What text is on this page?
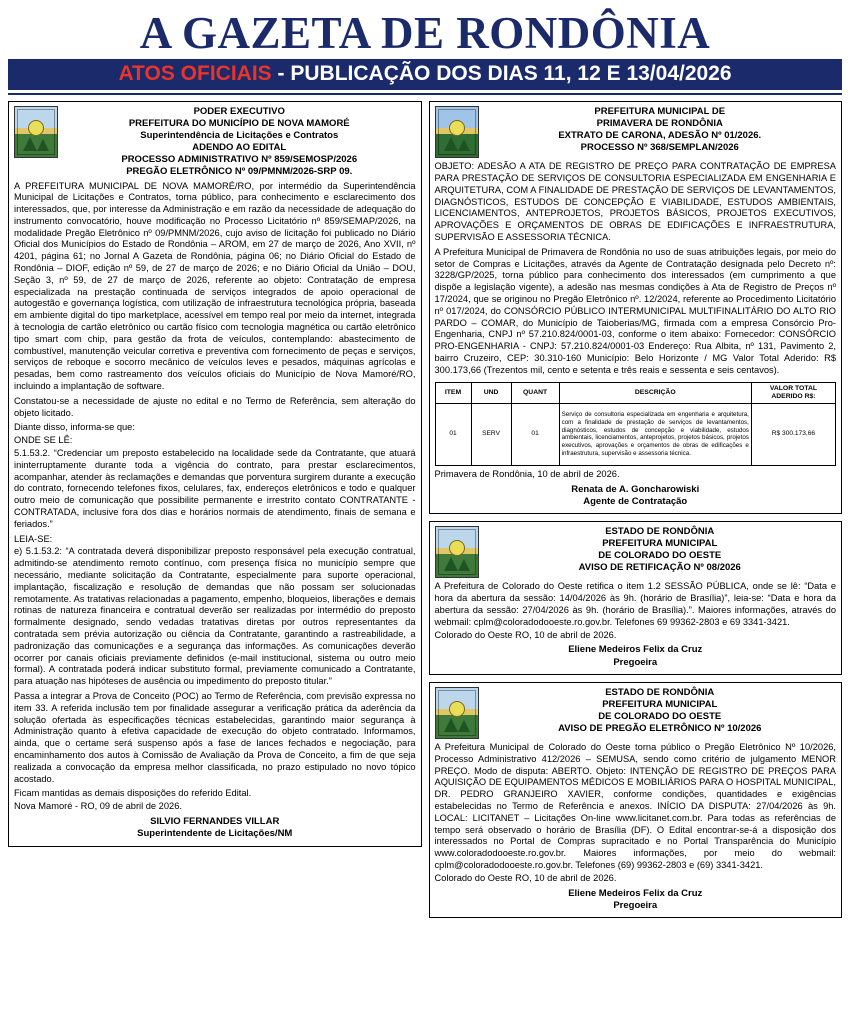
A GAZETA DE RONDÔNIA
ATOS OFICIAIS - PUBLICAÇÃO DOS DIAS 11, 12 E 13/04/2026
PODER EXECUTIVO
PREFEITURA DO MUNICÍPIO DE NOVA MAMORÉ
Superintendência de Licitações e Contratos
ADENDO AO EDITAL
PROCESSO ADMINISTRATIVO Nº 859/SEMOSP/2026
PREGÃO ELETRÔNICO Nº 09/PMNM/2026-SRP 09.

A PREFEITURA MUNICIPAL DE NOVA MAMORÉ/RO, por intermédio da Superintendência Municipal de Licitações e Contratos, torna público, para conhecimento e esclarecimento dos interessados, que, por interesse da Administração e em razão da necessidade de adequação do instrumento convocatório, houve modificação no Processo Licitatório nº 859/SEMAP/2026, na modalidade Pregão Eletrônico nº 09/PMNM/2026, cujo aviso de licitação foi publicado no Diário Oficial dos Municípios do Estado de Rondônia – AROM, em 27 de março de 2026, Ano XVII, nº 4201, página 61; no Jornal A Gazeta de Rondônia, página 06; no Diário Oficial do Estado de Rondônia – DIOF, edição nº 59, de 27 de março de 2026; e no Diário Oficial da União – DOU, Seção 3, nº 59, de 27 de março de 2026, referente ao objeto: Contratação de empresa especializada na prestação continuada de serviços integrados de apoio operacional de autogestão e governança logística, com utilização de infraestrutura tecnológica própria, baseada em ambiente digital do tipo marketplace, acessível em tempo real por meio da internet, integrada à tecnologia de cartão eletrônico ou cartão físico com tecnologia magnética ou cartão eletrônico tipo smart com chip, para gestão da frota de veículos, contemplando: abastecimento de combustível, manutenção veicular corretiva e preventiva com fornecimento de peças e serviços, serviços de reboque e socorro mecânico de veículos leves e pesados, máquinas agrícolas e pesadas, bem como rastreamento dos veículos oficiais do Município de Nova Mamoré/RO, incluindo a implantação de software.

Constatou-se a necessidade de ajuste no edital e no Termo de Referência, sem alteração do objeto licitado.

Diante disso, informa-se que:

ONDE SE LÊ:

5.1.53.2. “Credenciar um preposto estabelecido na localidade sede da Contratante, que atuará ininterruptamente durante toda a vigência do contrato, para prestar esclarecimentos, acompanhar, atender às reclamações e demandas que porventura surgirem durante a execução do contrato, fornecendo telefones fixos, celulares, fax, endereços eletrônicos e todo e qualquer outro meio de comunicação que possibilite permanente e irrestrito contato CONTRATANTE - CONTRATADA, inclusive fora dos dias e horários normais de atendimento, finais de semana e feriados.”

LEIA-SE:

e) 5.1.53.2: “A contratada deverá disponibilizar preposto responsável pela execução contratual, admitindo-se atendimento remoto contínuo, com presença física no município sempre que necessário, mediante solicitação da Contratante, especialmente para suporte operacional, implantação, fiscalização e resolução de demandas que não possam ser solucionadas remotamente. As tratativas relacionadas a pagamento, empenho, bloqueios, liberações e demais rotinas de natureza financeira e contratual deverão ser realizadas por intermédio do preposto formalmente designado, sendo vedadas tratativas diretas por outros representantes da contratada sem prévia autorização ou ciência da Contratante, garantindo a rastreabilidade, a padronização das comunicações e a segurança das informações. As comunicações deverão ocorrer por canais oficiais previamente definidos (e-mail institucional, sistema ou outro meio formal). A contratada poderá indicar substituto formal, previamente comunicado a Contratante, para atuação nas hipóteses de ausência ou impedimento do preposto titular.”

Passa a integrar a Prova de Conceito (POC) ao Termo de Referência, com previsão expressa no item 33. A referida inclusão tem por finalidade assegurar a verificação prática da aderência da solução ofertada às especificações técnicas estabelecidas, garantindo maior segurança à Administração quanto à efetiva capacidade de execução do objeto contratado. Informamos, ainda, que o certame será suspenso após a fase de lances fechados e negociação, para encaminhamento dos autos à Comissão de Avaliação da Prova de Conceito, a fim de que seja realizada a convocação da empresa melhor classificada, no prazo estipulado no novo tópico acostado.

Ficam mantidas as demais disposições do referido Edital.

Nova Mamoré - RO, 09 de abril de 2026.

SILVIO FERNANDES VILLAR
Superintendente de Licitações/NM
PREFEITURA MUNICIPAL DE
PRIMAVERA DE RONDÔNIA
EXTRATO DE CARONA, ADESÃO Nº 01/2026.
PROCESSO Nº 368/SEMPLAN/2026

OBJETO: ADESÃO A ATA DE REGISTRO DE PREÇO PARA CONTRATAÇÃO DE EMPRESA PARA PRESTAÇÃO DE SERVIÇOS DE CONSULTORIA ESPECIALIZADA EM ENGENHARIA E ARQUITETURA, COM A FINALIDADE DE PRESTAÇÃO DE SERVIÇOS DE LEVANTAMENTOS, DIAGNÓSTICOS, ESTUDOS DE CONCEPÇÃO E VIABILIDADE, ESTUDOS AMBIENTAIS, LICENCIAMENTOS, ANTEPROJETOS, PROJETOS BÁSICOS, PROJETOS EXECUTIVOS, APROVAÇÕES E ORÇAMENTOS DE OBRAS DE EDIFICAÇÕES E INFRAESTRUTURA, SUPERVISÃO E ASSESSORIA TÉCNICA.

A Prefeitura Municipal de Primavera de Rondônia no uso de suas atribuições legais, por meio do setor de Compras e Licitações, através da Agente de Contratação designada pelo Decreto nº: 3228/GP/2025, torna público para conhecimento dos interessados (em cumprimento a que dispõe a legislação vigente), a adesão nas mesmas condições à Ata de Registro de Preços nº 17/2024, que se originou no Pregão Eletrônico nº. 12/2024, referente ao Procedimento Licitatório nº 017/2024, do CONSÓRCIO PÚBLICO INTERMUNICIPAL MULTIFINALITÁRIO DO ALTO RIO PARDO – COMAR, do Município de Taioberias/MG, firmada com a empresa Consórcio Pro-Engenharia, CNPJ nº 57.210.824/0001-03, conforme o item abaixo: Fornecedor: CONSÓRCIO PRO-ENGENHARIA - CNPJ: 57.210.824/0001-03 Endereço: Rua Albita, nº 131, Pavimento 2, bairro Cruzeiro, CEP: 30.310-160 Município: Belo Horizonte / MG Valor Total Aderido: R$ 300.173,66 (Trezentos mil, cento e setenta e três reais e sessenta e seis centavos).

ITEM	UND	QUANT	DESCRIÇÃO	VALOR TOTAL ADERIDO R$:
01	SERV	01	Serviço de consultoria especializada em engenharia e arquitetura, com a finalidade de prestação de serviços de levantamentos, diagnósticos, estudos de concepção e viabilidade, estudos ambientais, licenciamentos, anteprojetos, projetos básicos, projetos executivos, aprovações e orçamentos de obras de edificações e infraestrutura, supervisão e assessoria técnica.	R$ 300.173,66

Primavera de Rondônia, 10 de abril de 2026.

Renata de A. Goncharowiski
Agente de Contratação
ESTADO DE RONDÔNIA
PREFEITURA MUNICIPAL
DE COLORADO DO OESTE
AVISO DE RETIFICAÇÃO Nº 08/2026

A Prefeitura de Colorado do Oeste retifica o item 1.2 SESSÃO PÚBLICA, onde se lê: “Data e hora da abertura da sessão: 14/04/2026 às 9h. (horário de Brasília)”, leia-se: “Data e hora da abertura da sessão: 27/04/2026 às 9h. (horário de Brasília).”. Maiores informações, através do webmail: cplm@coloradodooeste.ro.gov.br. Telefones 69 99362-2803 e 69 3341-3421.

Colorado do Oeste RO, 10 de abril de 2026.

Eliene Medeiros Felix da Cruz
Pregoeira
ESTADO DE RONDÔNIA
PREFEITURA MUNICIPAL
DE COLORADO DO OESTE
AVISO DE PREGÃO ELETRÔNICO Nº 10/2026

A Prefeitura Municipal de Colorado do Oeste torna público o Pregão Eletrônico Nº 10/2026, Processo Administrativo 412/2026 – SEMUSA, sendo como critério de julgamento MENOR PREÇO. Modo de disputa: ABERTO. Objeto: INTENÇÃO DE REGISTRO DE PREÇOS PARA AQUISIÇÃO DE EQUIPAMENTOS MÉDICOS E MOBILIÁRIOS PARA O HOSPITAL MUNICIPAL, DR. PEDRO GRANJEIRO XAVIER, conforme condições, quantidades e exigências estabelecidas no Termo de Referência e anexos. INÍCIO DA DISPUTA: 27/04/2026 às 9h. LOCAL: LICITANET – Licitações On-line www.licitanet.com.br. Para todas as referências de tempo será observado o horário de Brasília (DF). O Edital encontrar-se-á a disposição dos interessados no Portal de Compras supracitado e no Portal Transparência do Município www.coloradodooeste.ro.gov.br. Maiores informações, por meio do webmail: cplm@coloradodooeste.ro.gov.br. Telefones (69) 99362-2803 e (69) 3341-3421.

Colorado do Oeste RO, 10 de abril de 2026.

Eliene Medeiros Felix da Cruz
Pregoeira
